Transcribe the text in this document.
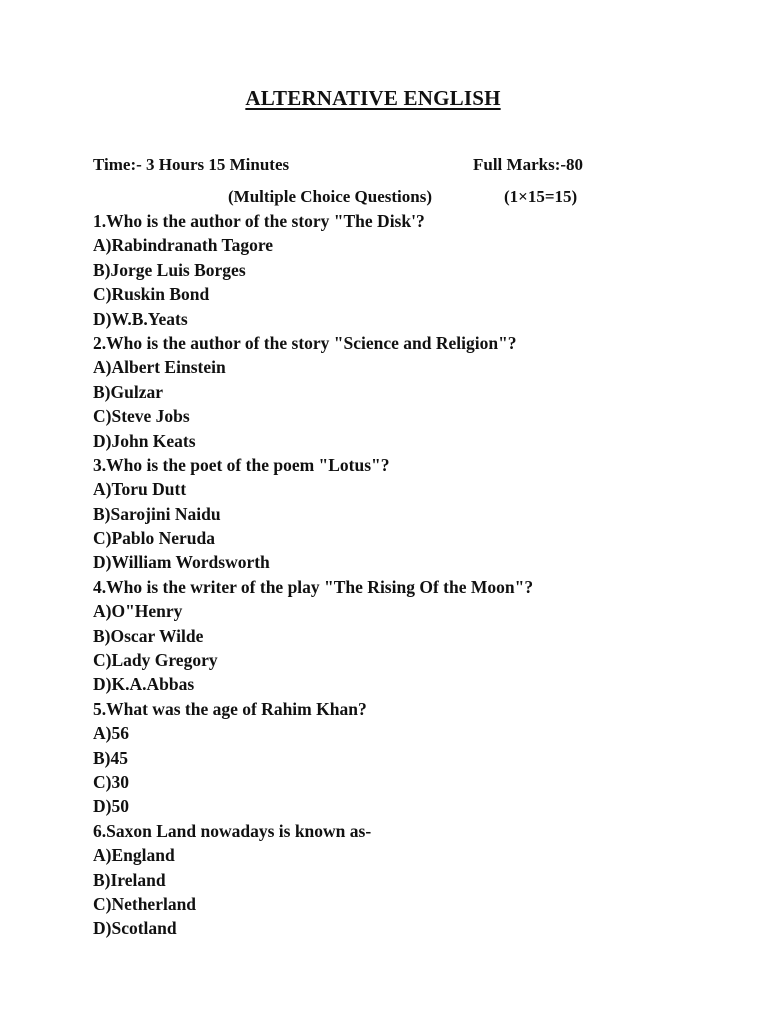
ALTERNATIVE ENGLISH
Time:- 3 Hours 15 Minutes	Full Marks:-80
(Multiple Choice Questions)	(1×15=15)
1.Who is the author of the story "The Disk'?
A)Rabindranath Tagore
B)Jorge Luis Borges
C)Ruskin Bond
D)W.B.Yeats
2.Who is the author of the story "Science and Religion"?
A)Albert Einstein
B)Gulzar
C)Steve Jobs
D)John Keats
3.Who is the poet of the poem "Lotus"?
A)Toru Dutt
B)Sarojini Naidu
C)Pablo Neruda
D)William Wordsworth
4.Who is the writer of the play "The Rising Of the Moon"?
A)O"Henry
B)Oscar Wilde
C)Lady Gregory
D)K.A.Abbas
5.What was the age of Rahim Khan?
A)56
B)45
C)30
D)50
6.Saxon Land nowadays is known as-
A)England
B)Ireland
C)Netherland
D)Scotland
